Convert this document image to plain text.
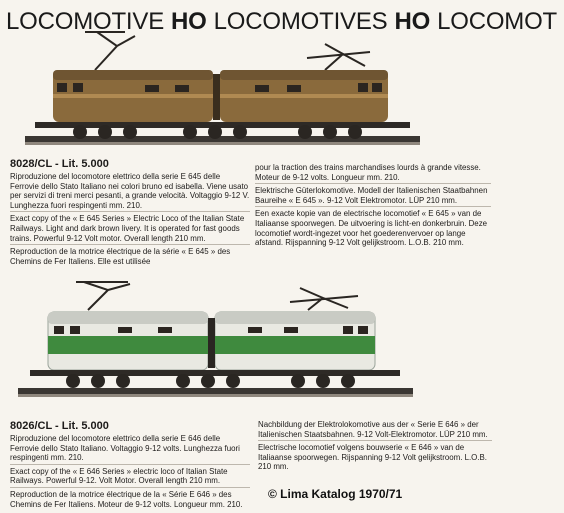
LOCOMOTIVE HO LOCOMOTIVES HO LOCOMOT
8028/CL - Lit. 5.000

Riproduzione del locomotore elettrico della serie E 645 delle Ferrovie dello Stato Italiano nei colori bruno ed isabella. Viene usato per servizi di treni merci pesanti, a grande velocità. Voltaggio 9-12 V. Lunghezza fuori respingenti mm. 210.

Exact copy of the « E 645 Series » Electric Loco of the Italian State Railways. Light and dark brown livery. It is operated for fast goods trains. Powerful 9-12 Volt motor. Overall length 210 mm.

Reproduction de la motrice électrique de la série « E 645 » des Chemins de Fer Italiens. Elle est utilisée

pour la traction des trains marchandises lourds à grande vitesse. Moteur de 9-12 volts. Longueur mm. 210.

Elektrische Güterlokomotive. Modell der Italienischen Staatbahnen Baureihe « E 645 ». 9-12 Volt Elektromotor. LÜP 210 mm.

Een exacte kopie van de electrische locomotief « E 645 » van de Italiaanse spoorwegen. De uitvoering is licht-en donkerbruin. Deze locomotief wordt-ingezet voor het goederenvervoer op lange afstand. Rijspanning 9-12 Volt gelijkstroom. L.O.B. 210 mm.

8026/CL - Lit. 5.000

Riproduzione del locomotore elettrico della serie E 646 delle Ferrovie dello Stato Italiano. Voltaggio 9-12 volts. Lunghezza fuori respingenti mm. 210.

Exact copy of the « E 646 Series » electric loco of Italian State Railways. Powerful 9-12. Volt Motor. Overall length 210 mm.

Reproduction de la motrice électrique de la « Série E 646 » des Chemins de Fer Italiens. Moteur de 9-12 volts. Longueur mm. 210.

Nachbildung der Elektrolokomotive aus der « Serie E 646 » der Italienischen Staatsbahnen. 9-12 Volt-Elektromotor. LÜP 210 mm.

Electrische locomotief volgens bouwserie « E 646 » van de Italiaanse spoorwegen. Rijspanning 9-12 Volt gelijkstroom. L.O.B. 210 mm.

© Lima Katalog 1970/71
